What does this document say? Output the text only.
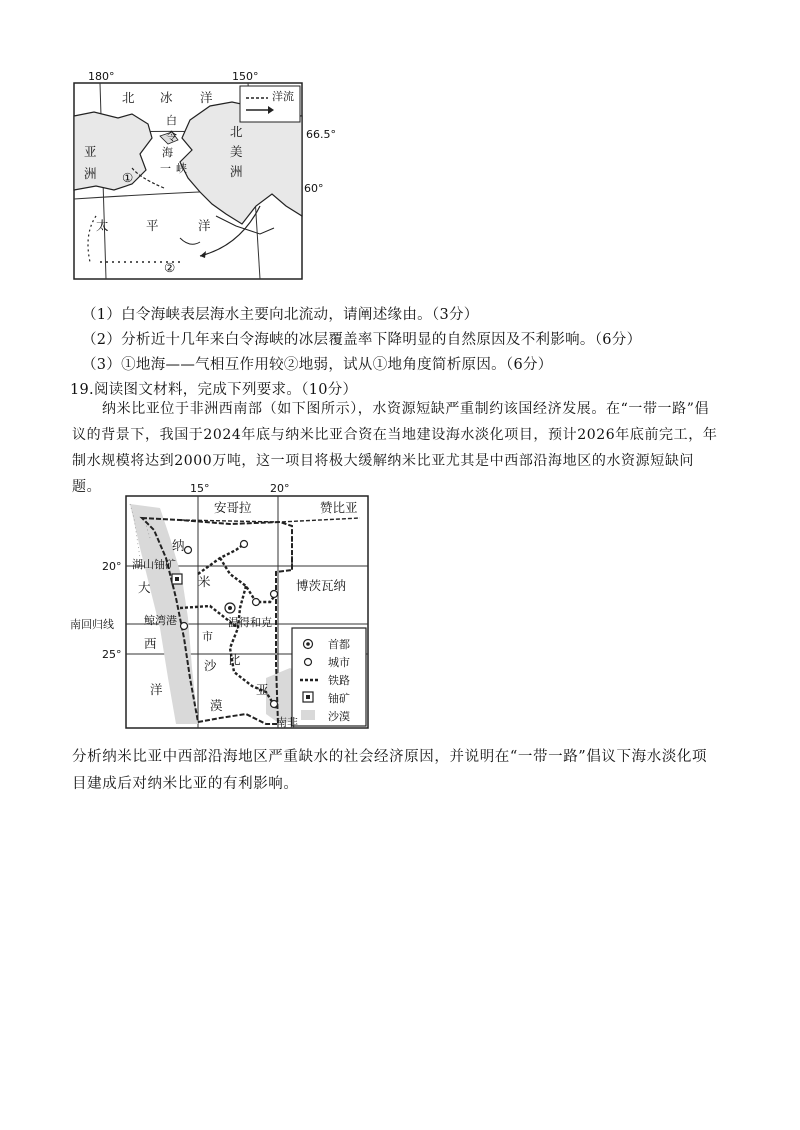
180°	150°
66.5°
60°
北 冰 洋	洋流
白
令
海
一 峡
亚
洲
北
美
洲
太	平	洋
①
②
（1）白令海峡表层海水主要向北流动，请阐述缘由。（3分）
（2）分析近十几年来白令海峡的冰层覆盖率下降明显的自然原因及不利影响。（6分）
（3）①地海——气相互作用较②地弱，试从①地角度简析原因。（6分）
19.阅读图文材料，完成下列要求。（10分）
纳米比亚位于非洲西南部（如下图所示），水资源短缺严重制约该国经济发展。在“一带一路”倡议的背景下，我国于2024年底与纳米比亚合资在当地建设海水淡化项目，预计2026年底前完工，年制水规模将达到2000万吨，这一项目将极大缓解纳米比亚尤其是中西部沿海地区的水资源短缺问题。	15°	20°
20°
南回归线
25°
安哥拉	赞比亚
博茨瓦纳
纳
米
比
亚
大
西
洋
沙
漠
湖山铀矿
鲸湾港	温得和克
市
南非
首都
城市
铁路
铀矿
沙漠
分析纳米比亚中西部沿海地区严重缺水的社会经济原因，并说明在“一带一路”倡议下海水淡化项目建成后对纳米比亚的有利影响。
